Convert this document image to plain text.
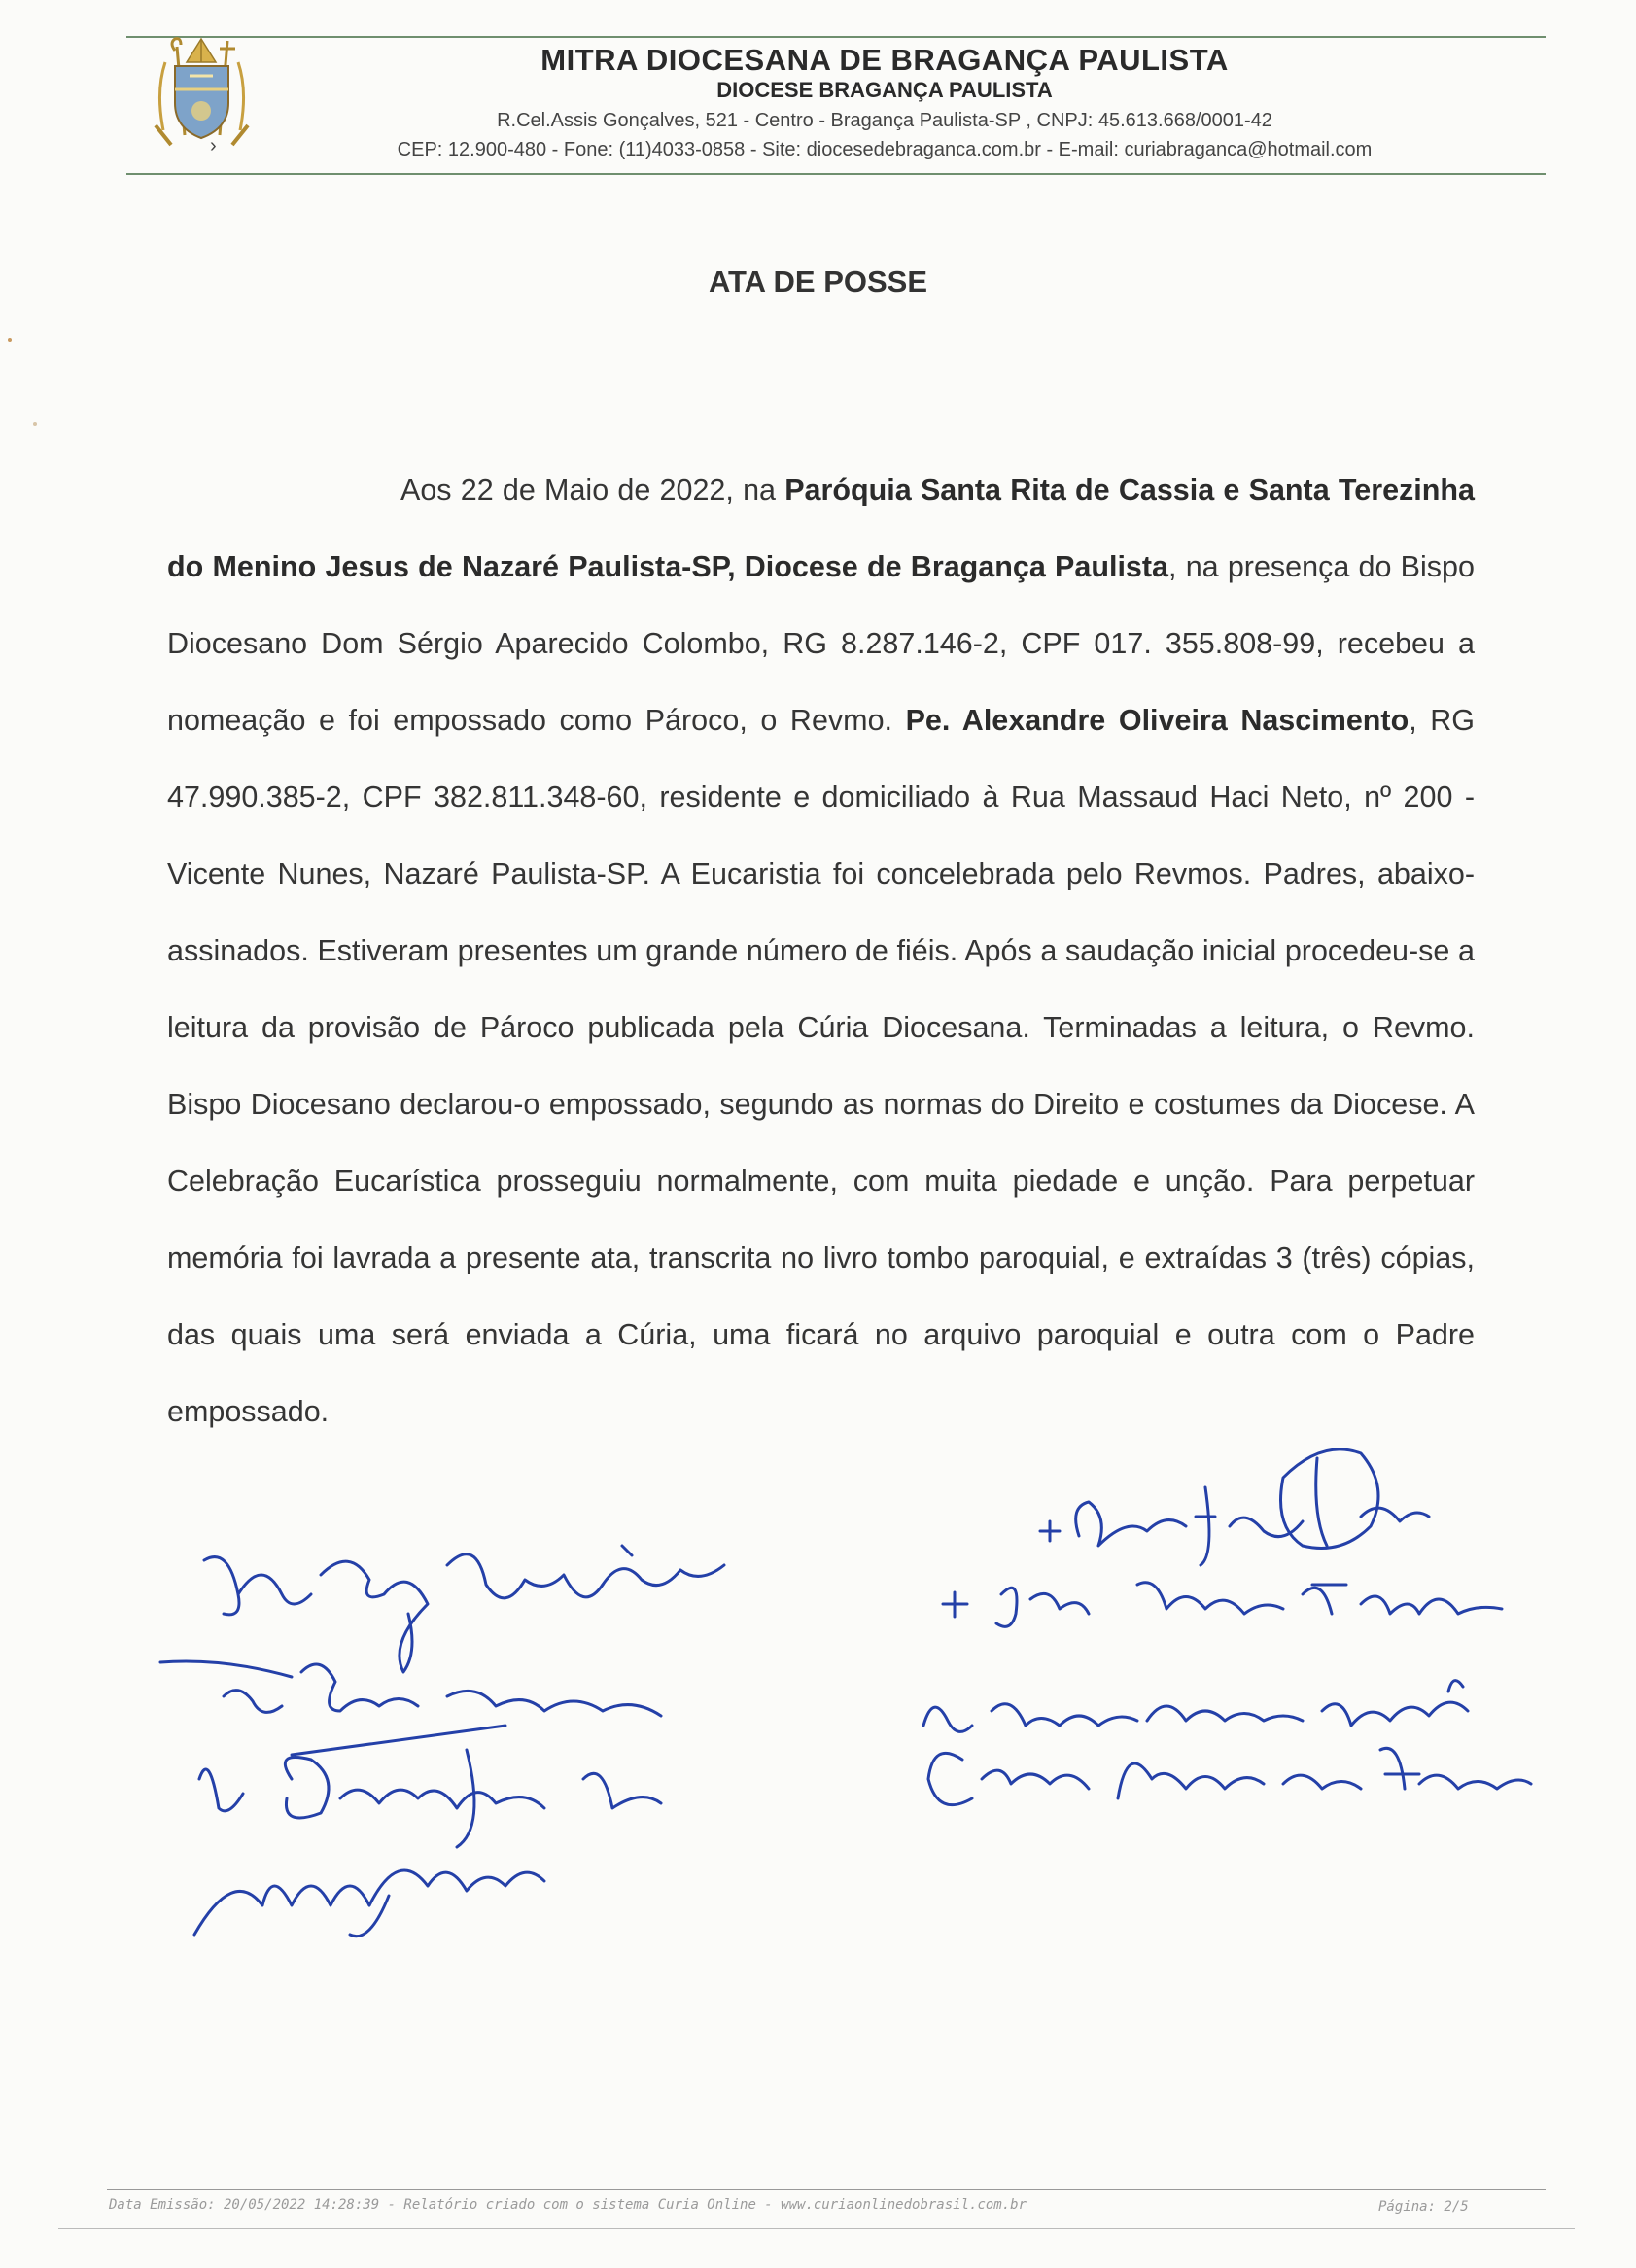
MITRA DIOCESANA DE BRAGANÇA PAULISTA
DIOCESE BRAGANÇA PAULISTA
R.Cel.Assis Gonçalves, 521 - Centro - Bragança Paulista-SP , CNPJ: 45.613.668/0001-42
›	CEP: 12.900-480 - Fone: (11)4033-0858 - Site: diocesedebraganca.com.br - E-mail: curiabraganca@hotmail.com
ATA DE POSSE
Aos 22 de Maio de 2022, na Paróquia Santa Rita de Cassia e Santa Terezinha do Menino Jesus de Nazaré Paulista-SP, Diocese de Bragança Paulista, na presença do Bispo Diocesano Dom Sérgio Aparecido Colombo, RG 8.287.146-2, CPF 017. 355.808-99, recebeu a nomeação e foi empossado como Pároco, o Revmo. Pe. Alexandre Oliveira Nascimento, RG 47.990.385-2, CPF 382.811.348-60, residente e domiciliado à Rua Massaud Haci Neto, nº 200 - Vicente Nunes, Nazaré Paulista-SP. A Eucaristia foi concelebrada pelo Revmos. Padres, abaixo-assinados. Estiveram presentes um grande número de fiéis. Após a saudação inicial procedeu-se a leitura da provisão de Pároco publicada pela Cúria Diocesana. Terminadas a leitura, o Revmo. Bispo Diocesano declarou-o empossado, segundo as normas do Direito e costumes da Diocese. A Celebração Eucarística prosseguiu normalmente, com muita piedade e unção. Para perpetuar memória foi lavrada a presente ata, transcrita no livro tombo paroquial, e extraídas 3 (três) cópias, das quais uma será enviada a Cúria, uma ficará no arquivo paroquial e outra com o Padre empossado.
Data Emissão: 20/05/2022 14:28:39 - Relatório criado com o sistema Curia Online - www.curiaonlinedobrasil.com.br	Página: 2/5
